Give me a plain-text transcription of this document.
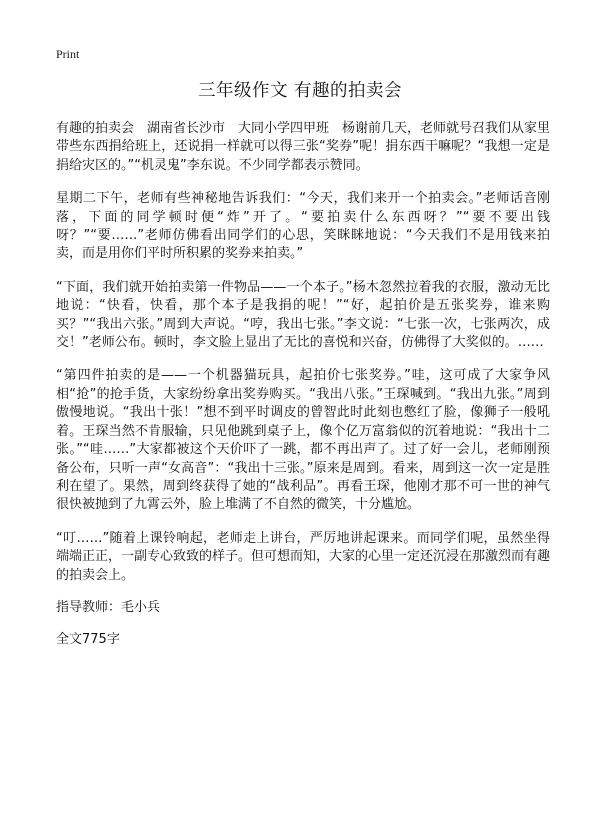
Print
三年级作文 有趣的拍卖会

有趣的拍卖会　湖南省长沙市　大同小学四甲班　杨谢前几天，老师就号召我们从家里带些东西捐给班上，还说捐一样就可以得三张“奖券”呢！捐东西干嘛呢？“我想一定是捐给灾区的。”“机灵鬼”李东说。不少同学都表示赞同。

星期二下午，老师有些神秘地告诉我们：“今天，我们来开一个拍卖会。”老师话音刚落，下面的同学顿时便“炸”开了。“要拍卖什么东西呀？”“要不要出钱呀？”“要……”老师仿佛看出同学们的心思，笑眯眯地说：“今天我们不是用钱来拍卖，而是用你们平时所积累的奖券来拍卖。”

“下面，我们就开始拍卖第一件物品——一个本子。”杨木忽然拉着我的衣服，激动无比地说：“快看，快看，那个本子是我捐的呢！”“好，起拍价是五张奖券，谁来购买？”“我出六张。”周到大声说。“哼，我出七张。”李文说：“七张一次，七张两次，成交！”老师公布。顿时，李文脸上显出了无比的喜悦和兴奋，仿佛得了大奖似的。……

“第四件拍卖的是——一个机器猫玩具，起拍价七张奖券。”哇，这可成了大家争风相“抢”的抢手货，大家纷纷拿出奖券购买。“我出八张。”王琛喊到。“我出九张。”周到傲慢地说。“我出十张！”想不到平时调皮的曾智此时此刻也憋红了脸，像狮子一般吼着。王琛当然不肯服输，只见他跳到桌子上，像个亿万富翁似的沉着地说：“我出十二张。”“哇……”大家都被这个天价吓了一跳，都不再出声了。过了好一会儿，老师刚预备公布，只听一声“女高音”：“我出十三张。”原来是周到。看来，周到这一次一定是胜利在望了。果然，周到终获得了她的“战利品”。再看王琛，他刚才那不可一世的神气很快被抛到了九霄云外，脸上堆满了不自然的微笑，十分尴尬。

“叮……”随着上课铃响起，老师走上讲台，严厉地讲起课来。而同学们呢，虽然坐得端端正正，一副专心致致的样子。但可想而知，大家的心里一定还沉浸在那激烈而有趣的拍卖会上。

指导教师：毛小兵

全文775字
